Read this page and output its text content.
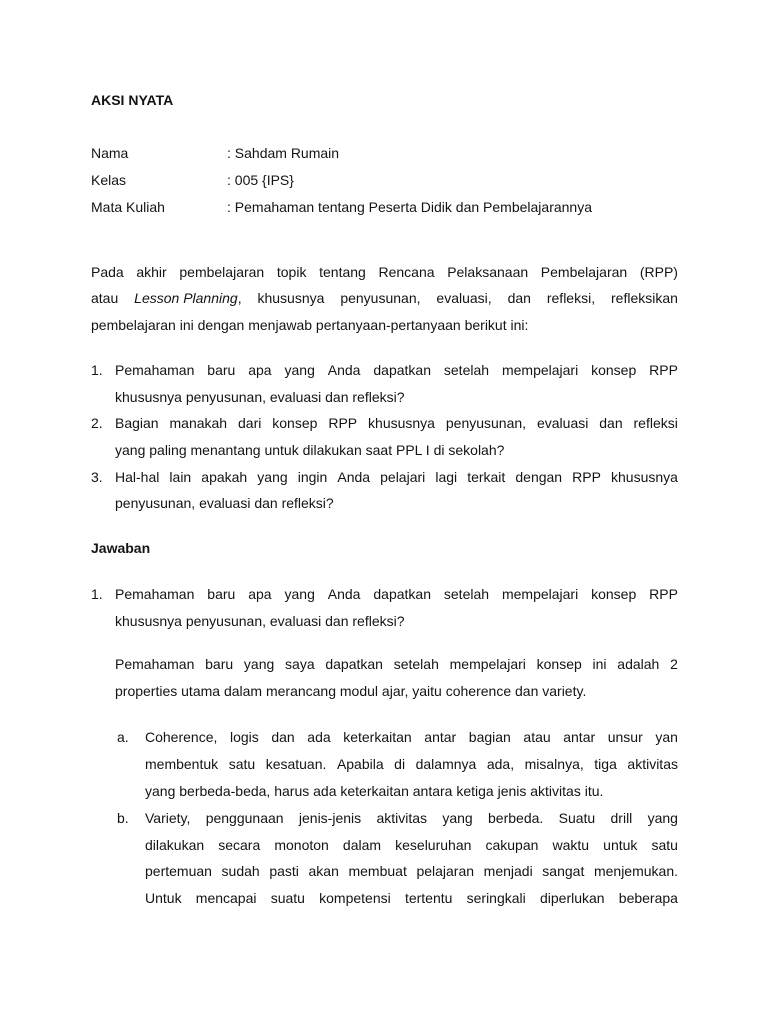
AKSI NYATA
Nama	: Sahdam Rumain
Kelas	: 005 {IPS}
Mata Kuliah	: Pemahaman tentang Peserta Didik dan Pembelajarannya
Pada akhir pembelajaran topik tentang Rencana Pelaksanaan Pembelajaran (RPP)
atau Lesson Planning, khususnya penyusunan, evaluasi, dan refleksi, refleksikan
pembelajaran ini dengan menjawab pertanyaan-pertanyaan berikut ini:
1. Pemahaman baru apa yang Anda dapatkan setelah mempelajari konsep RPP
khususnya penyusunan, evaluasi dan refleksi?
2. Bagian manakah dari konsep RPP khususnya penyusunan, evaluasi dan refleksi
yang paling menantang untuk dilakukan saat PPL I di sekolah?
3. Hal-hal lain apakah yang ingin Anda pelajari lagi terkait dengan RPP khususnya
penyusunan, evaluasi dan refleksi?
Jawaban
1. Pemahaman baru apa yang Anda dapatkan setelah mempelajari konsep RPP
khususnya penyusunan, evaluasi dan refleksi?
Pemahaman baru yang saya dapatkan setelah mempelajari konsep ini adalah 2
properties utama dalam merancang modul ajar, yaitu coherence dan variety.
a. Coherence, logis dan ada keterkaitan antar bagian atau antar unsur yan
membentuk satu kesatuan. Apabila di dalamnya ada, misalnya, tiga aktivitas
yang berbeda-beda, harus ada keterkaitan antara ketiga jenis aktivitas itu.
b. Variety, penggunaan jenis-jenis aktivitas yang berbeda. Suatu drill yang
dilakukan secara monoton dalam keseluruhan cakupan waktu untuk satu
pertemuan sudah pasti akan membuat pelajaran menjadi sangat menjemukan.
Untuk mencapai suatu kompetensi tertentu seringkali diperlukan beberapa
